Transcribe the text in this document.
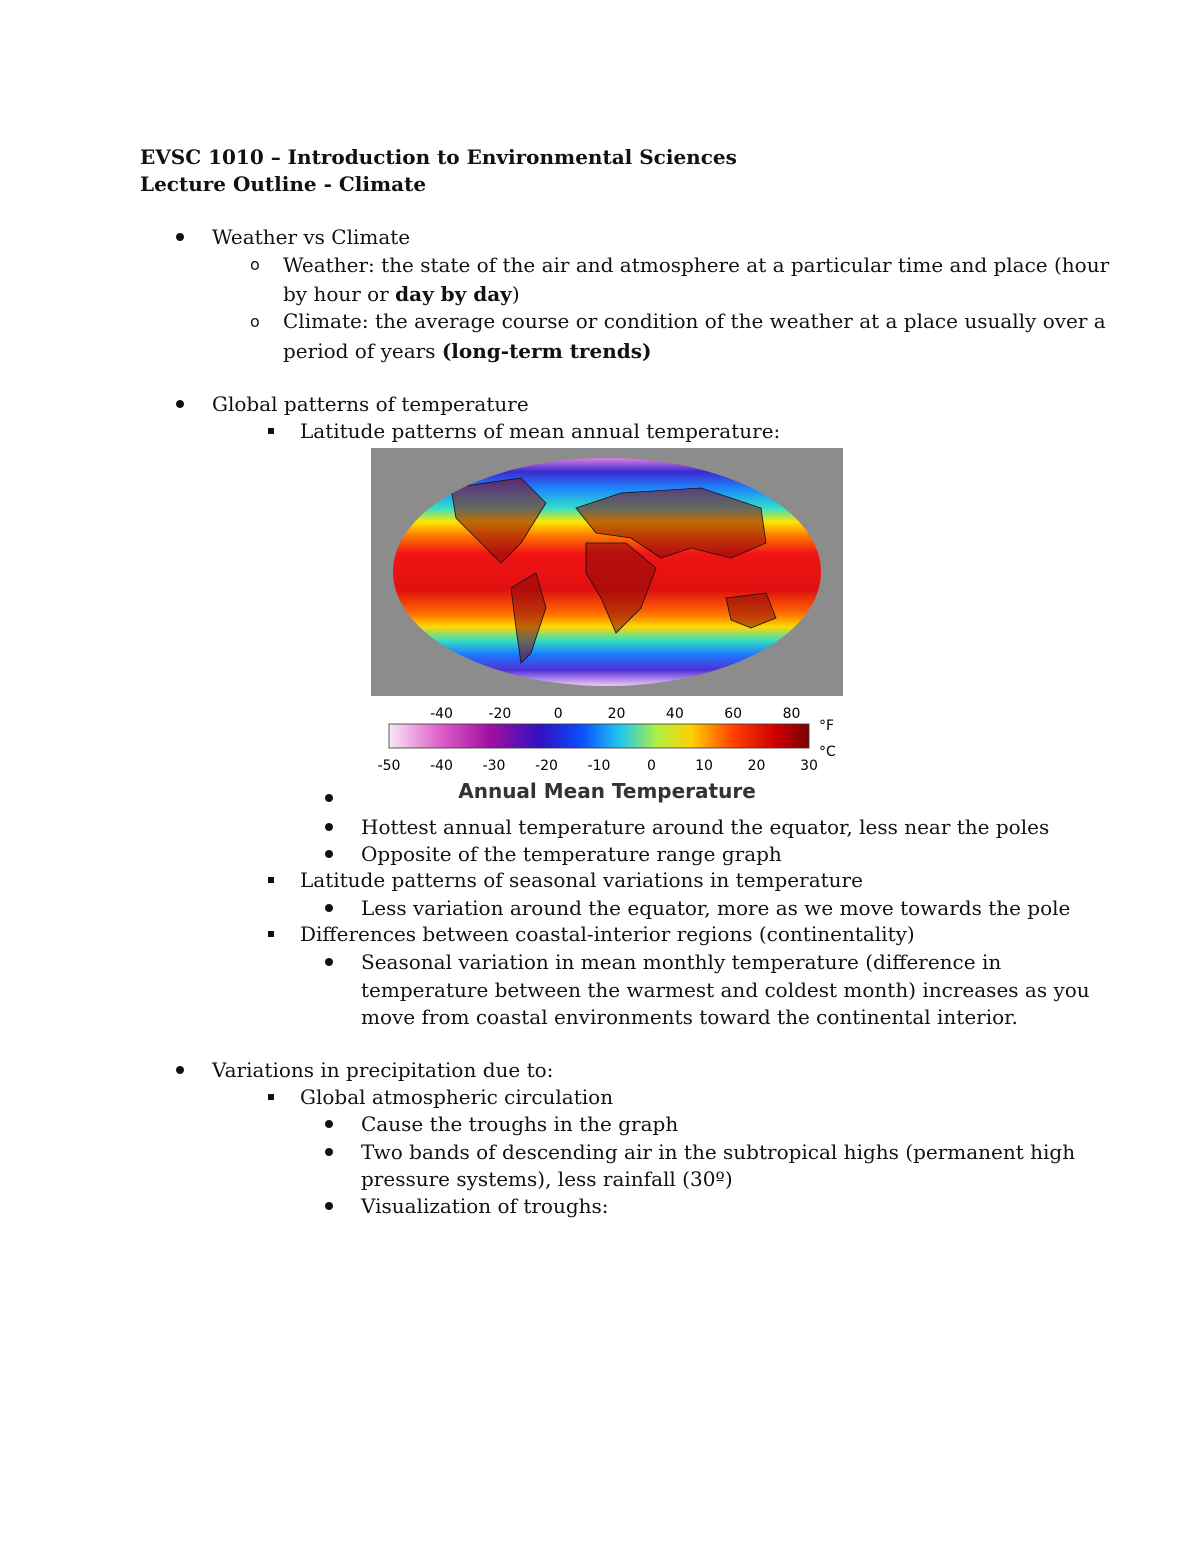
EVSC 1010 – Introduction to Environmental Sciences
Lecture Outline - Climate
Weather vs Climate
o Weather: the state of the air and atmosphere at a particular time and place (hour
by hour or day by day)
o Climate: the average course or condition of the weather at a place usually over a
period of years (long-term trends)
Global patterns of temperature
Latitude patterns of mean annual temperature:
-40	-20	0	20	40	60	80
-50 -40 -30 -20 -10	0	10 20 30
°F
°C
Annual Mean Temperature
Hottest annual temperature around the equator, less near the poles
Opposite of the temperature range graph
Latitude patterns of seasonal variations in temperature
Less variation around the equator, more as we move towards the pole
Differences between coastal-interior regions (continentality)
Seasonal variation in mean monthly temperature (difference in
temperature between the warmest and coldest month) increases as you
move from coastal environments toward the continental interior.
Variations in precipitation due to:
Global atmospheric circulation
Cause the troughs in the graph
Two bands of descending air in the subtropical highs (permanent high
pressure systems), less rainfall (30º)
Visualization of troughs:
